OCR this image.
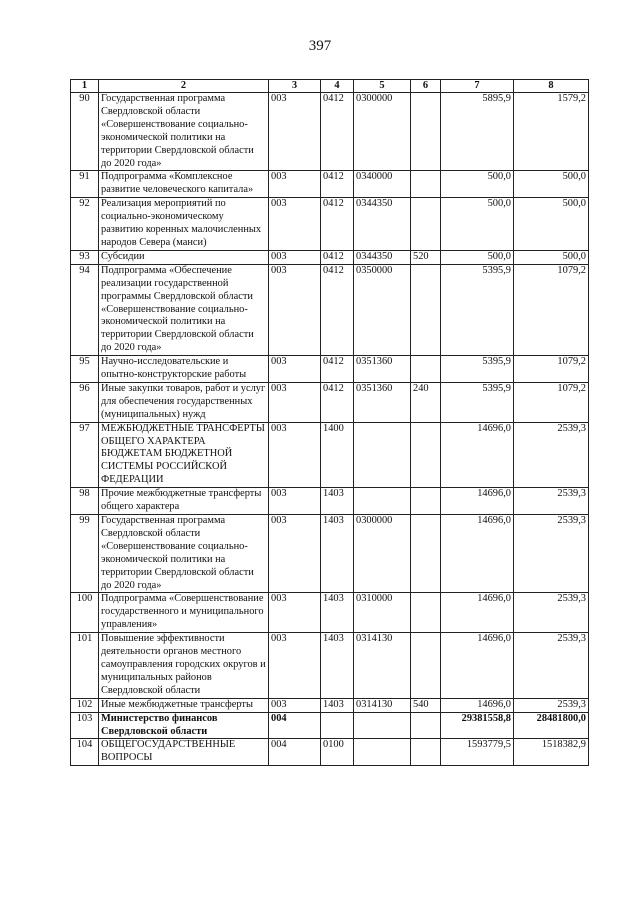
397
1	2	3	4	5	6	7	8
90	Государственная программа Свердловской области «Совершенствование социально-экономической политики на территории Свердловской области до 2020 года»	003	0412	0300000		5895,9	1579,2
91	Подпрограмма «Комплексное развитие человеческого капитала»	003	0412	0340000		500,0	500,0
92	Реализация мероприятий по социально-экономическому развитию коренных малочисленных народов Севера (манси)	003	0412	0344350		500,0	500,0
93	Субсидии	003	0412	0344350	520	500,0	500,0
94	Подпрограмма «Обеспечение реализации государственной программы Свердловской области «Совершенствование социально-экономической политики на территории Свердловской области до 2020 года»	003	0412	0350000		5395,9	1079,2
95	Научно-исследовательские и опытно-конструкторские работы	003	0412	0351360		5395,9	1079,2
96	Иные закупки товаров, работ и услуг для обеспечения государственных (муниципальных) нужд	003	0412	0351360	240	5395,9	1079,2
97	МЕЖБЮДЖЕТНЫЕ ТРАНСФЕРТЫ ОБЩЕГО ХАРАКТЕРА БЮДЖЕТАМ БЮДЖЕТНОЙ СИСТЕМЫ РОССИЙСКОЙ ФЕДЕРАЦИИ	003	1400			14696,0	2539,3
98	Прочие межбюджетные трансферты общего характера	003	1403			14696,0	2539,3
99	Государственная программа Свердловской области «Совершенствование социально-экономической политики на территории Свердловской области до 2020 года»	003	1403	0300000		14696,0	2539,3
100	Подпрограмма «Совершенствование государственного и муниципального управления»	003	1403	0310000		14696,0	2539,3
101	Повышение эффективности деятельности органов местного самоуправления городских округов и муниципальных районов Свердловской области	003	1403	0314130		14696,0	2539,3
102	Иные межбюджетные трансферты	003	1403	0314130	540	14696,0	2539,3
103	Министерство финансов Свердловской области	004				29381558,8	28481800,0
104	ОБЩЕГОСУДАРСТВЕННЫЕ ВОПРОСЫ	004	0100			1593779,5	1518382,9
